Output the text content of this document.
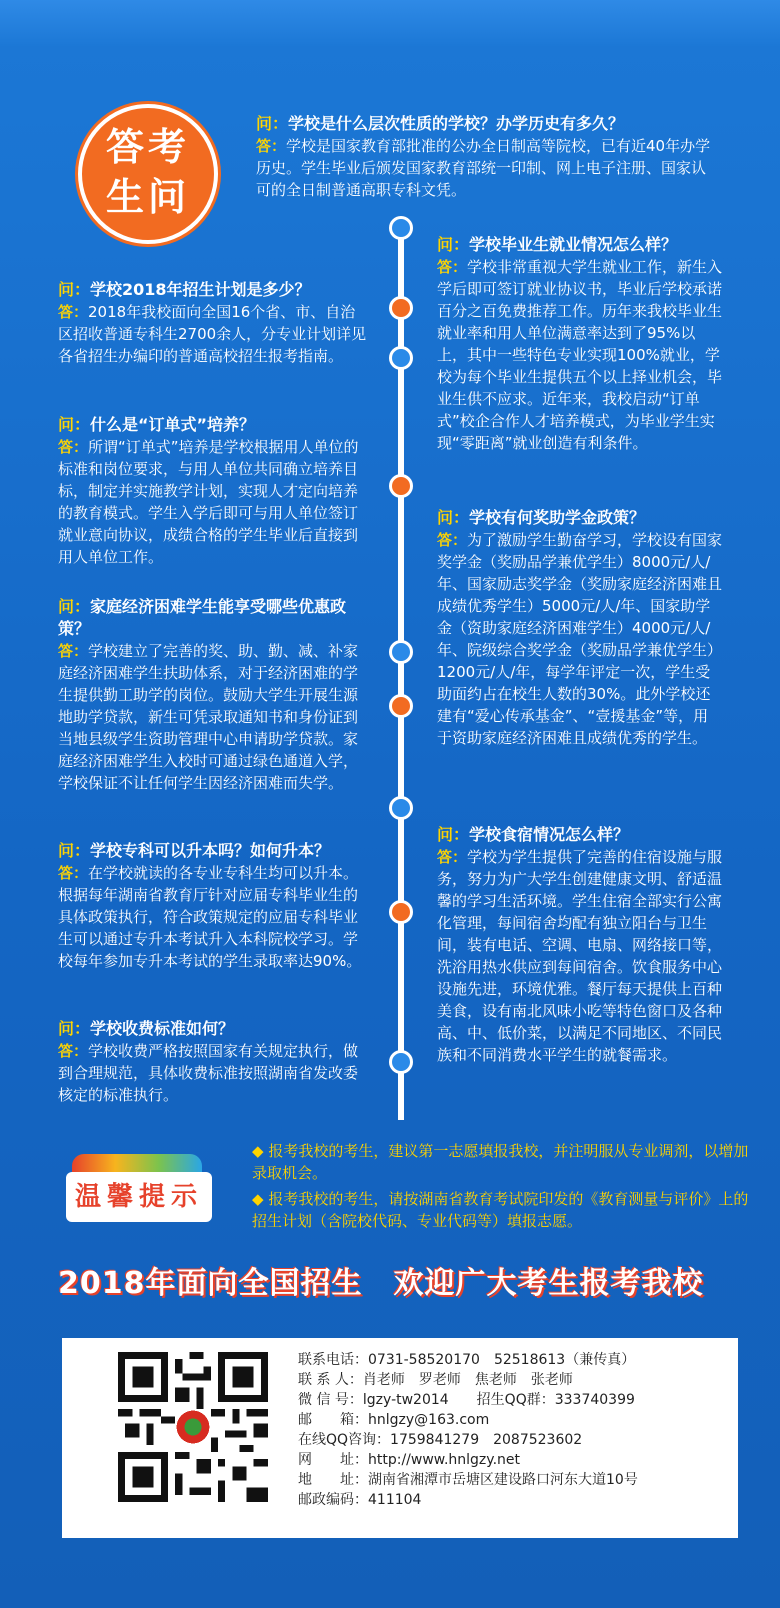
答考
生问
问：学校是什么层次性质的学校？办学历史有多久？
答：学校是国家教育部批准的公办全日制高等院校，已有近40年办学历史。学生毕业后颁发国家教育部统一印制、网上电子注册、国家认可的全日制普通高职专科文凭。
问：学校毕业生就业情况怎么样？
答：学校非常重视大学生就业工作，新生入学后即可签订就业协议书，毕业后学校承诺百分之百免费推荐工作。历年来我校毕业生就业率和用人单位满意率达到了95%以上，其中一些特色专业实现100%就业，学校为每个毕业生提供五个以上择业机会，毕业生供不应求。近年来，我校启动“订单式”校企合作人才培养模式，为毕业学生实现“零距离”就业创造有利条件。
问：学校2018年招生计划是多少？
答：2018年我校面向全国16个省、市、自治区招收普通专科生2700余人，分专业计划详见各省招生办编印的普通高校招生报考指南。
问：什么是“订单式”培养？
答：所谓“订单式”培养是学校根据用人单位的标准和岗位要求，与用人单位共同确立培养目标，制定并实施教学计划，实现人才定向培养的教育模式。学生入学后即可与用人单位签订就业意向协议，成绩合格的学生毕业后直接到用人单位工作。
问：学校有何奖助学金政策？
答：为了激励学生勤奋学习，学校设有国家奖学金（奖励品学兼优学生）8000元/人/年、国家励志奖学金（奖励家庭经济困难且成绩优秀学生）5000元/人/年、国家助学金（资助家庭经济困难学生）4000元/人/年、院级综合奖学金（奖励品学兼优学生）1200元/人/年，每学年评定一次，学生受助面约占在校生人数的30%。此外学校还建有“爱心传承基金”、“壹援基金”等，用于资助家庭经济困难且成绩优秀的学生。
问：家庭经济困难学生能享受哪些优惠政策？
答：学校建立了完善的奖、助、勤、减、补家庭经济困难学生扶助体系，对于经济困难的学生提供勤工助学的岗位。鼓励大学生开展生源地助学贷款，新生可凭录取通知书和身份证到当地县级学生资助管理中心申请助学贷款。家庭经济困难学生入校时可通过绿色通道入学，学校保证不让任何学生因经济困难而失学。
问：学校食宿情况怎么样？
答：学校为学生提供了完善的住宿设施与服务，努力为广大学生创建健康文明、舒适温馨的学习生活环境。学生住宿全部实行公寓化管理，每间宿舍均配有独立阳台与卫生间，装有电话、空调、电扇、网络接口等，洗浴用热水供应到每间宿舍。饮食服务中心设施先进，环境优雅。餐厅每天提供上百种美食，设有南北风味小吃等特色窗口及各种高、中、低价菜，以满足不同地区、不同民族和不同消费水平学生的就餐需求。
问：学校专科可以升本吗？如何升本？
答：在学校就读的各专业专科生均可以升本。根据每年湖南省教育厅针对应届专科毕业生的具体政策执行，符合政策规定的应届专科毕业生可以通过专升本考试升入本科院校学习。学校每年参加专升本考试的学生录取率达90%。
问：学校收费标准如何？
答：学校收费严格按照国家有关规定执行，做到合理规范，具体收费标准按照湖南省发改委核定的标准执行。
温馨提示

◆ 报考我校的考生，建议第一志愿填报我校，并注明服从专业调剂，以增加录取机会。

◆ 报考我校的考生，请按湖南省教育考试院印发的《教育测量与评价》上的招生计划（含院校代码、专业代码等）填报志愿。

2018年面向全国招生　欢迎广大考生报考我校
联系电话：0731-58520170　52518613（兼传真）
联 系 人：肖老师　罗老师　焦老师　张老师
微 信 号：lgzy-tw2014　　招生QQ群：333740399
邮　　箱：hnlgzy@163.com
在线QQ咨询：1759841279　2087523602
网　　址：http://www.hnlgzy.net
地　　址：湖南省湘潭市岳塘区建设路口河东大道10号
邮政编码：411104
